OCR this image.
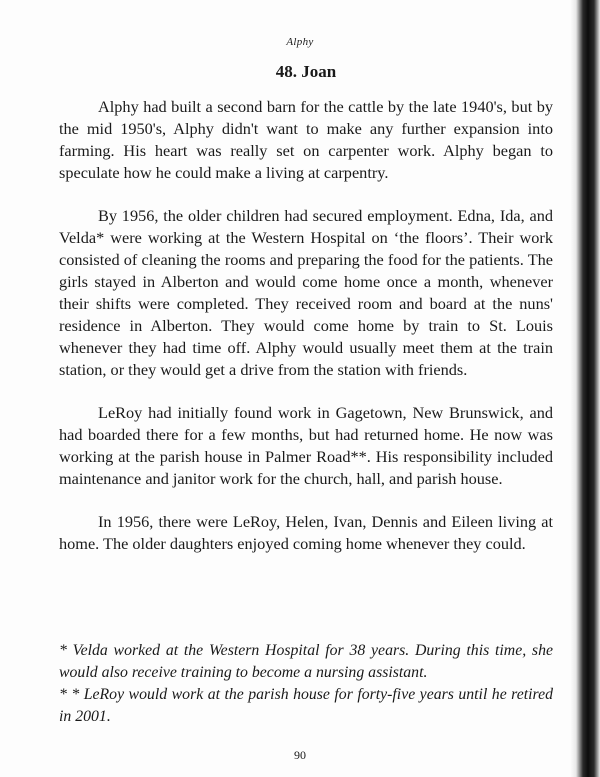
Alphy
48. Joan

Alphy had built a second barn for the cattle by the late 1940's, but by the mid 1950's, Alphy didn't want to make any further expansion into farming. His heart was really set on carpenter work. Alphy began to speculate how he could make a living at carpentry.

By 1956, the older children had secured employment. Edna, Ida, and Velda* were working at the Western Hospital on ‘the floors’. Their work consisted of cleaning the rooms and preparing the food for the patients. The girls stayed in Alberton and would come home once a month, whenever their shifts were completed. They received room and board at the nuns' residence in Alberton. They would come home by train to St. Louis whenever they had time off. Alphy would usually meet them at the train station, or they would get a drive from the station with friends.

LeRoy had initially found work in Gagetown, New Brunswick, and had boarded there for a few months, but had returned home. He now was working at the parish house in Palmer Road**. His responsibility included maintenance and janitor work for the church, hall, and parish house.

In 1956, there were LeRoy, Helen, Ivan, Dennis and Eileen living at home. The older daughters enjoyed coming home whenever they could.

* Velda worked at the Western Hospital for 38 years. During this time, she would also receive training to become a nursing assistant.

* * LeRoy would work at the parish house for forty-five years until he retired in 2001.

90
